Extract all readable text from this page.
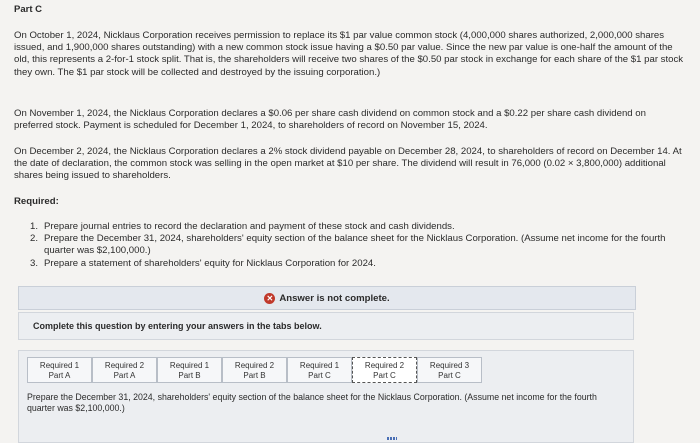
Part C
On October 1, 2024, Nicklaus Corporation receives permission to replace its $1 par value common stock (4,000,000 shares authorized, 2,000,000 shares issued, and 1,900,000 shares outstanding) with a new common stock issue having a $0.50 par value. Since the new par value is one-half the amount of the old, this represents a 2-for-1 stock split. That is, the shareholders will receive two shares of the $0.50 par stock in exchange for each share of the $1 par stock they own. The $1 par stock will be collected and destroyed by the issuing corporation.)
On November 1, 2024, the Nicklaus Corporation declares a $0.06 per share cash dividend on common stock and a $0.22 per share cash dividend on preferred stock. Payment is scheduled for December 1, 2024, to shareholders of record on November 15, 2024.
On December 2, 2024, the Nicklaus Corporation declares a 2% stock dividend payable on December 28, 2024, to shareholders of record on December 14. At the date of declaration, the common stock was selling in the open market at $10 per share. The dividend will result in 76,000 (0.02 × 3,800,000) additional shares being issued to shareholders.
Required:
1. Prepare journal entries to record the declaration and payment of these stock and cash dividends.
2. Prepare the December 31, 2024, shareholders' equity section of the balance sheet for the Nicklaus Corporation. (Assume net income for the fourth quarter was $2,100,000.)
3. Prepare a statement of shareholders' equity for Nicklaus Corporation for 2024.
✕ Answer is not complete.
Complete this question by entering your answers in the tabs below.
Required 1
Part A
Required 2
Part A
Required 1
Part B
Required 2
Part B
Required 1
Part C
Required 2
Part C
Required 3
Part C
Prepare the December 31, 2024, shareholders' equity section of the balance sheet for the Nicklaus Corporation. (Assume net income for the fourth quarter was $2,100,000.)
